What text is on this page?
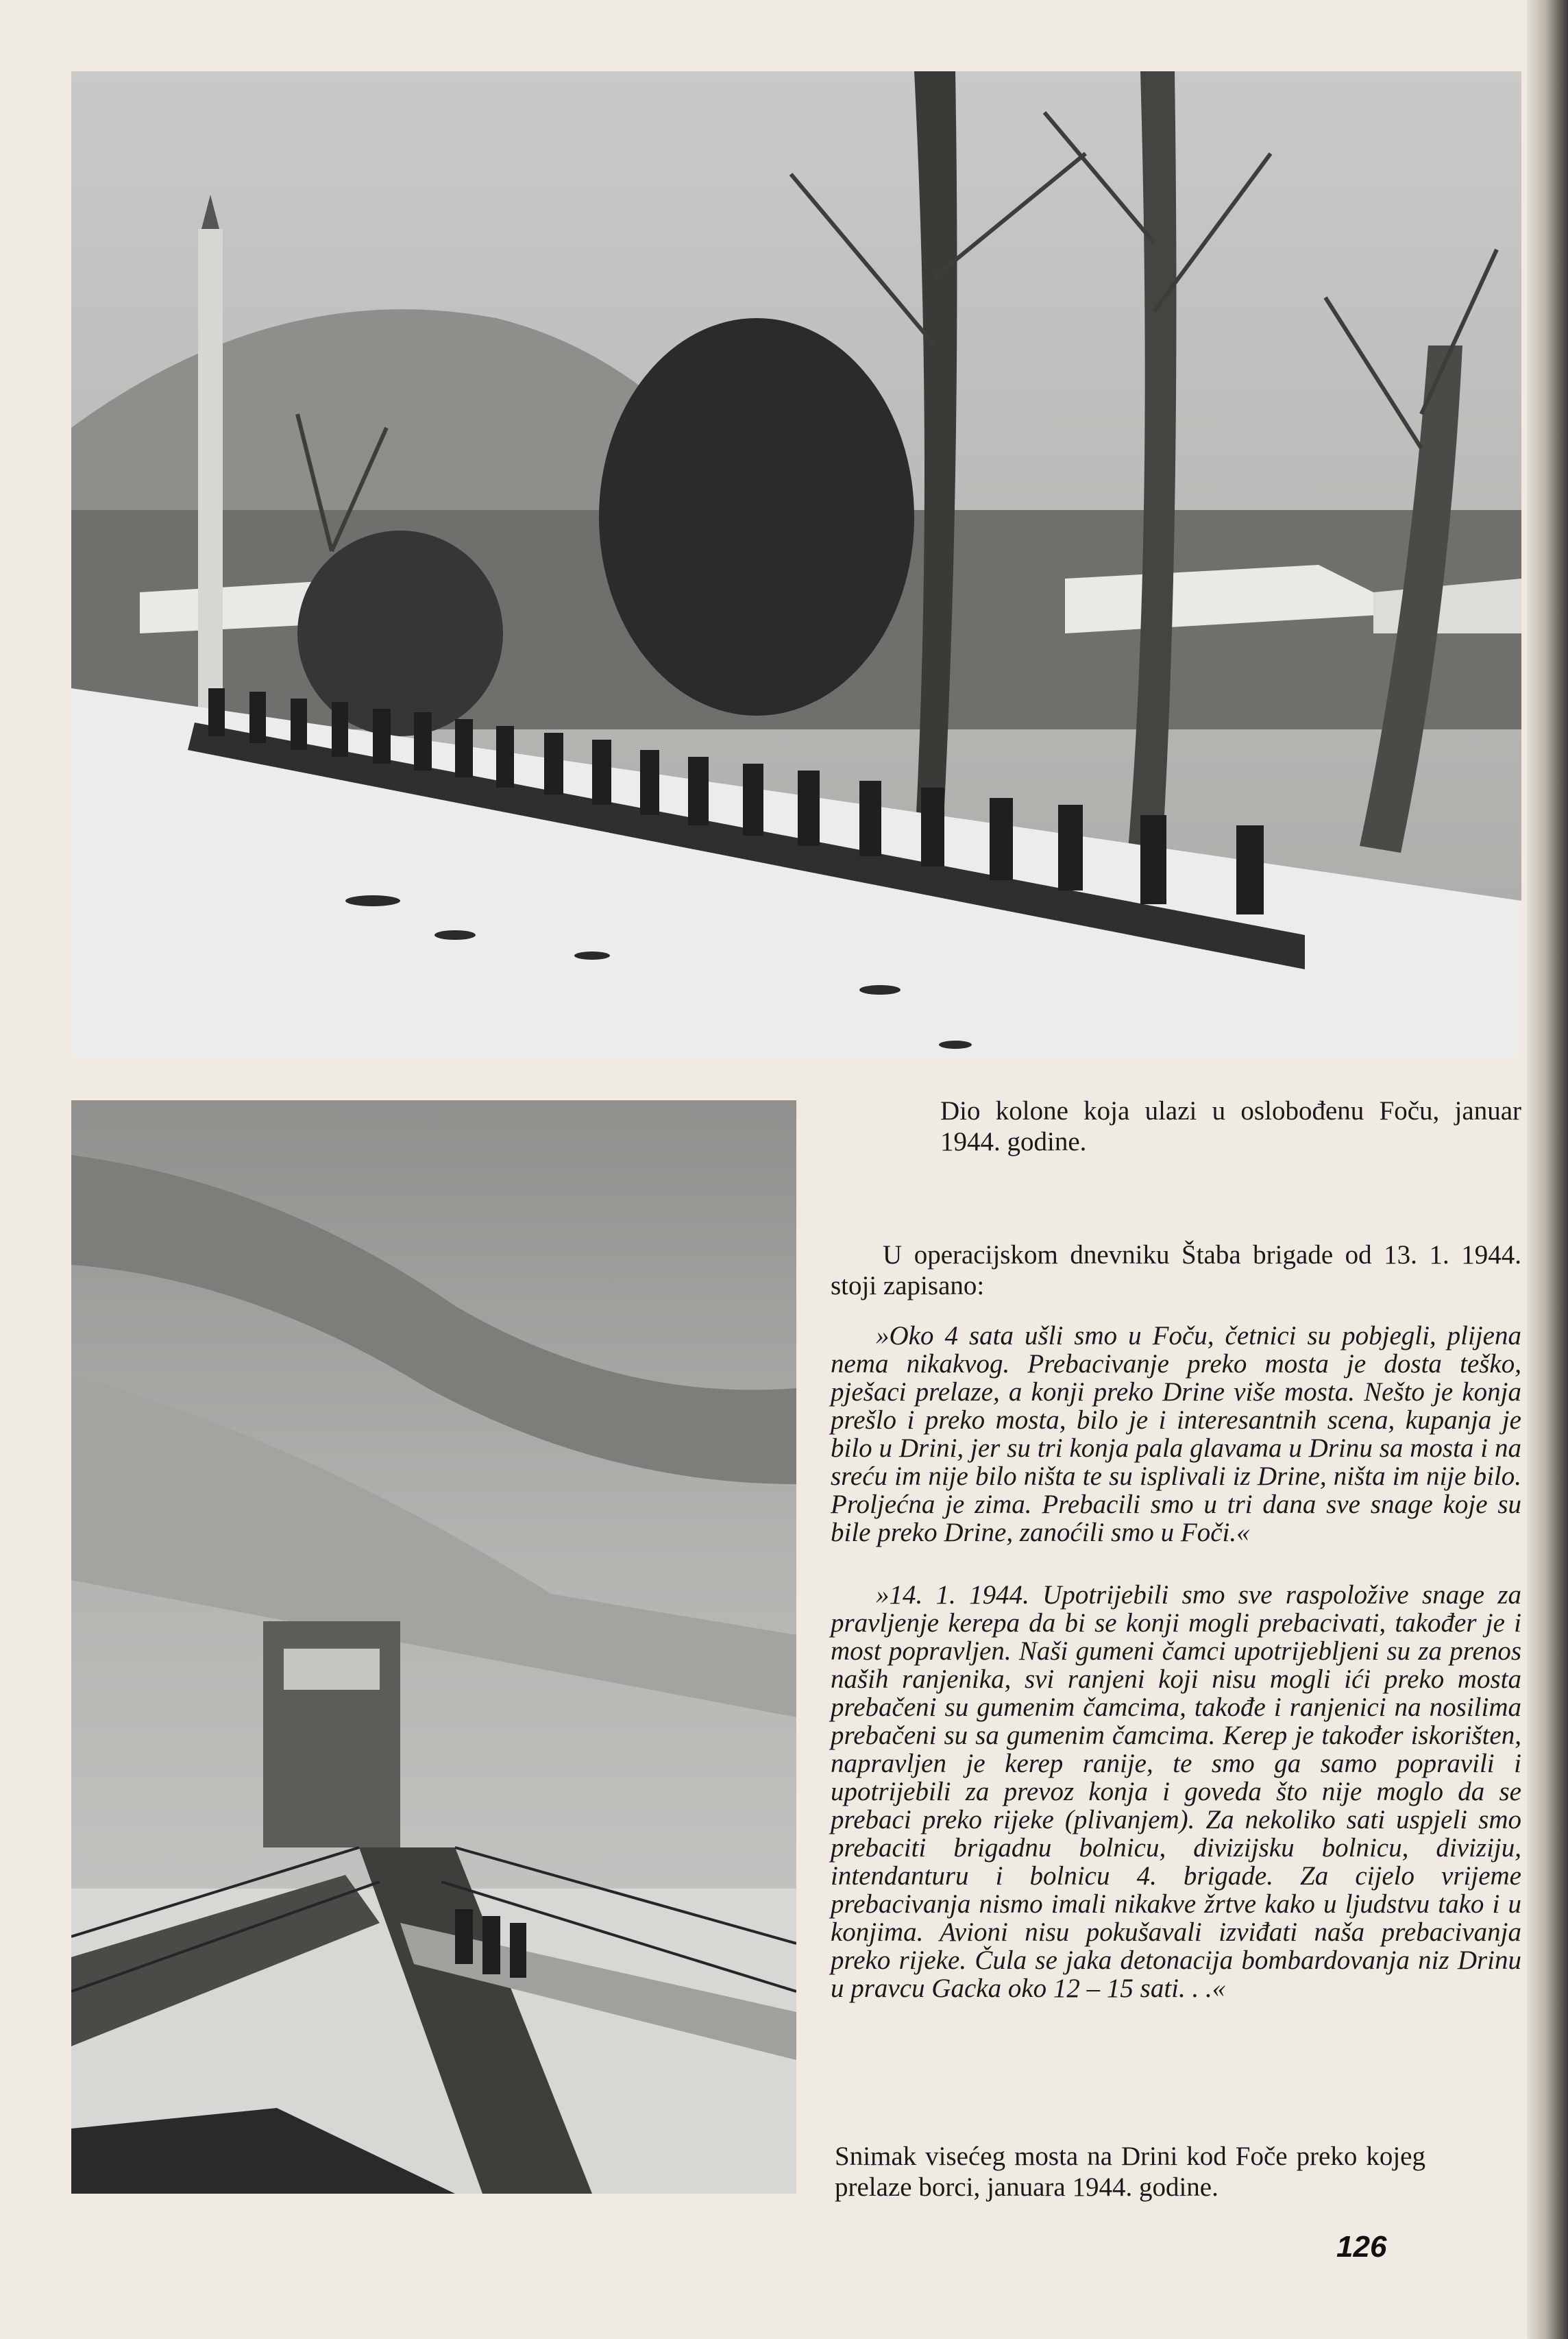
Dio kolone koja ulazi u oslobođenu Foču, januar 1944. godine.

U operacijskom dnevniku Štaba brigade od 13. 1. 1944. stoji zapisano:

»Oko 4 sata ušli smo u Foču, četnici su pobjegli, plijena nema nikakvog. Prebacivanje preko mosta je dosta teško, pješaci prelaze, a konji preko Drine više mosta. Nešto je konja prešlo i preko mosta, bilo je i interesantnih scena, kupanja je bilo u Drini, jer su tri konja pala glavama u Drinu sa mosta i na sreću im nije bilo ništa te su isplivali iz Drine, ništa im nije bilo. Proljećna je zima. Prebacili smo u tri dana sve snage koje su bile preko Drine, zanoćili smo u Foči.«

»14. 1. 1944. Upotrijebili smo sve raspoložive snage za pravljenje kerepa da bi se konji mogli prebacivati, također je i most popravljen. Naši gumeni čamci upotrijebljeni su za prenos naših ranjenika, svi ranjeni koji nisu mogli ići preko mosta prebačeni su gumenim čamcima, takođe i ranjenici na nosilima prebačeni su sa gumenim čamcima. Kerep je također iskorišten, napravljen je kerep ranije, te smo ga samo popravili i upotrijebili za prevoz konja i goveda što nije moglo da se prebaci preko rijeke (plivanjem). Za nekoliko sati uspjeli smo prebaciti brigadnu bolnicu, divizijsku bolnicu, diviziju, intendanturu i bolnicu 4. brigade. Za cijelo vrijeme prebacivanja nismo imali nikakve žrtve kako u ljudstvu tako i u konjima. Avioni nisu pokušavali izviđati naša prebacivanja preko rijeke. Čula se jaka detonacija bombardovanja niz Drinu u pravcu Gacka oko 12 – 15 sati. . .«

Snimak visećeg mosta na Drini kod Foče preko kojeg prelaze borci, januara 1944. godine.

126
